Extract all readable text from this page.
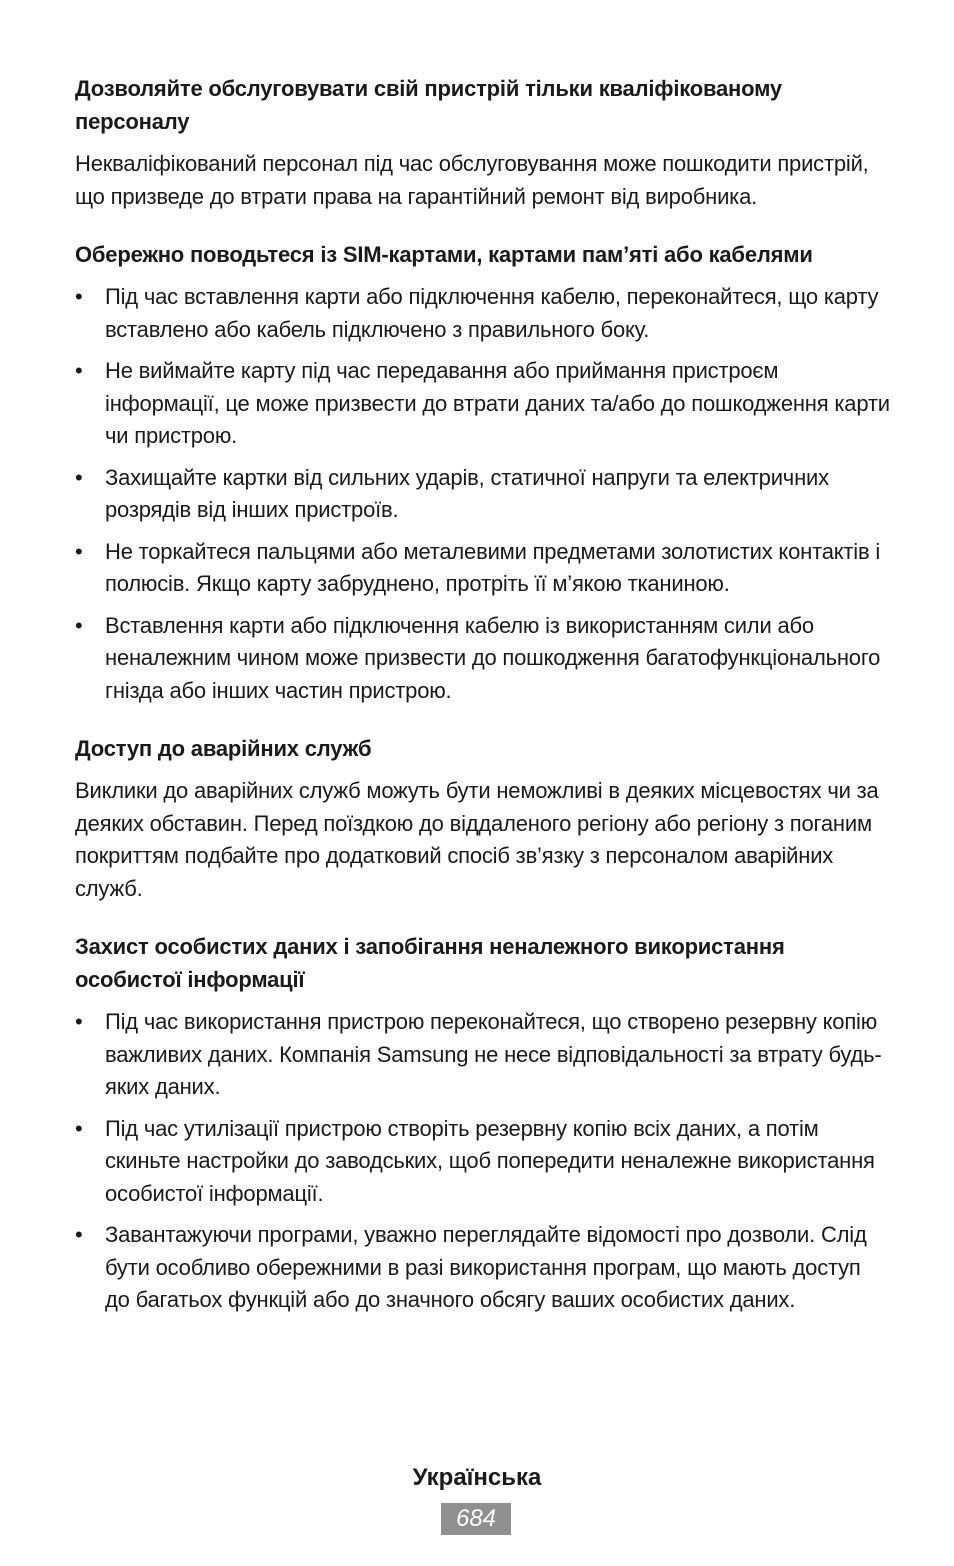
Дозволяйте обслуговувати свій пристрій тільки кваліфікованому персоналу
Некваліфікований персонал під час обслуговування може пошкодити пристрій, що призведе до втрати права на гарантійний ремонт від виробника.
Обережно поводьтеся із SIM-картами, картами пам’яті або кабелями
• Під час вставлення карти або підключення кабелю, переконайтеся, що карту вставлено або кабель підключено з правильного боку.
• Не виймайте карту під час передавання або приймання пристроєм інформації, це може призвести до втрати даних та/або до пошкодження карти чи пристрою.
• Захищайте картки від сильних ударів, статичної напруги та електричних розрядів від інших пристроїв.
• Не торкайтеся пальцями або металевими предметами золотистих контактів і полюсів. Якщо карту забруднено, протріть її м’якою тканиною.
• Вставлення карти або підключення кабелю із використанням сили або неналежним чином може призвести до пошкодження багатофункціонального гнізда або інших частин пристрою.
Доступ до аварійних служб
Виклики до аварійних служб можуть бути неможливі в деяких місцевостях чи за деяких обставин. Перед поїздкою до віддаленого регіону або регіону з поганим покриттям подбайте про додатковий спосіб зв’язку з персоналом аварійних служб.
Захист особистих даних і запобігання неналежного використання особистої інформації
• Під час використання пристрою переконайтеся, що створено резервну копію важливих даних. Компанія Samsung не несе відповідальності за втрату будь-яких даних.
• Під час утилізації пристрою створіть резервну копію всіх даних, а потім скиньте настройки до заводських, щоб попередити неналежне використання особистої інформації.
• Завантажуючи програми, уважно переглядайте відомості про дозволи. Слід бути особливо обережними в разі використання програм, що мають доступ до багатьох функцій або до значного обсягу ваших особистих даних.
Українська
684
